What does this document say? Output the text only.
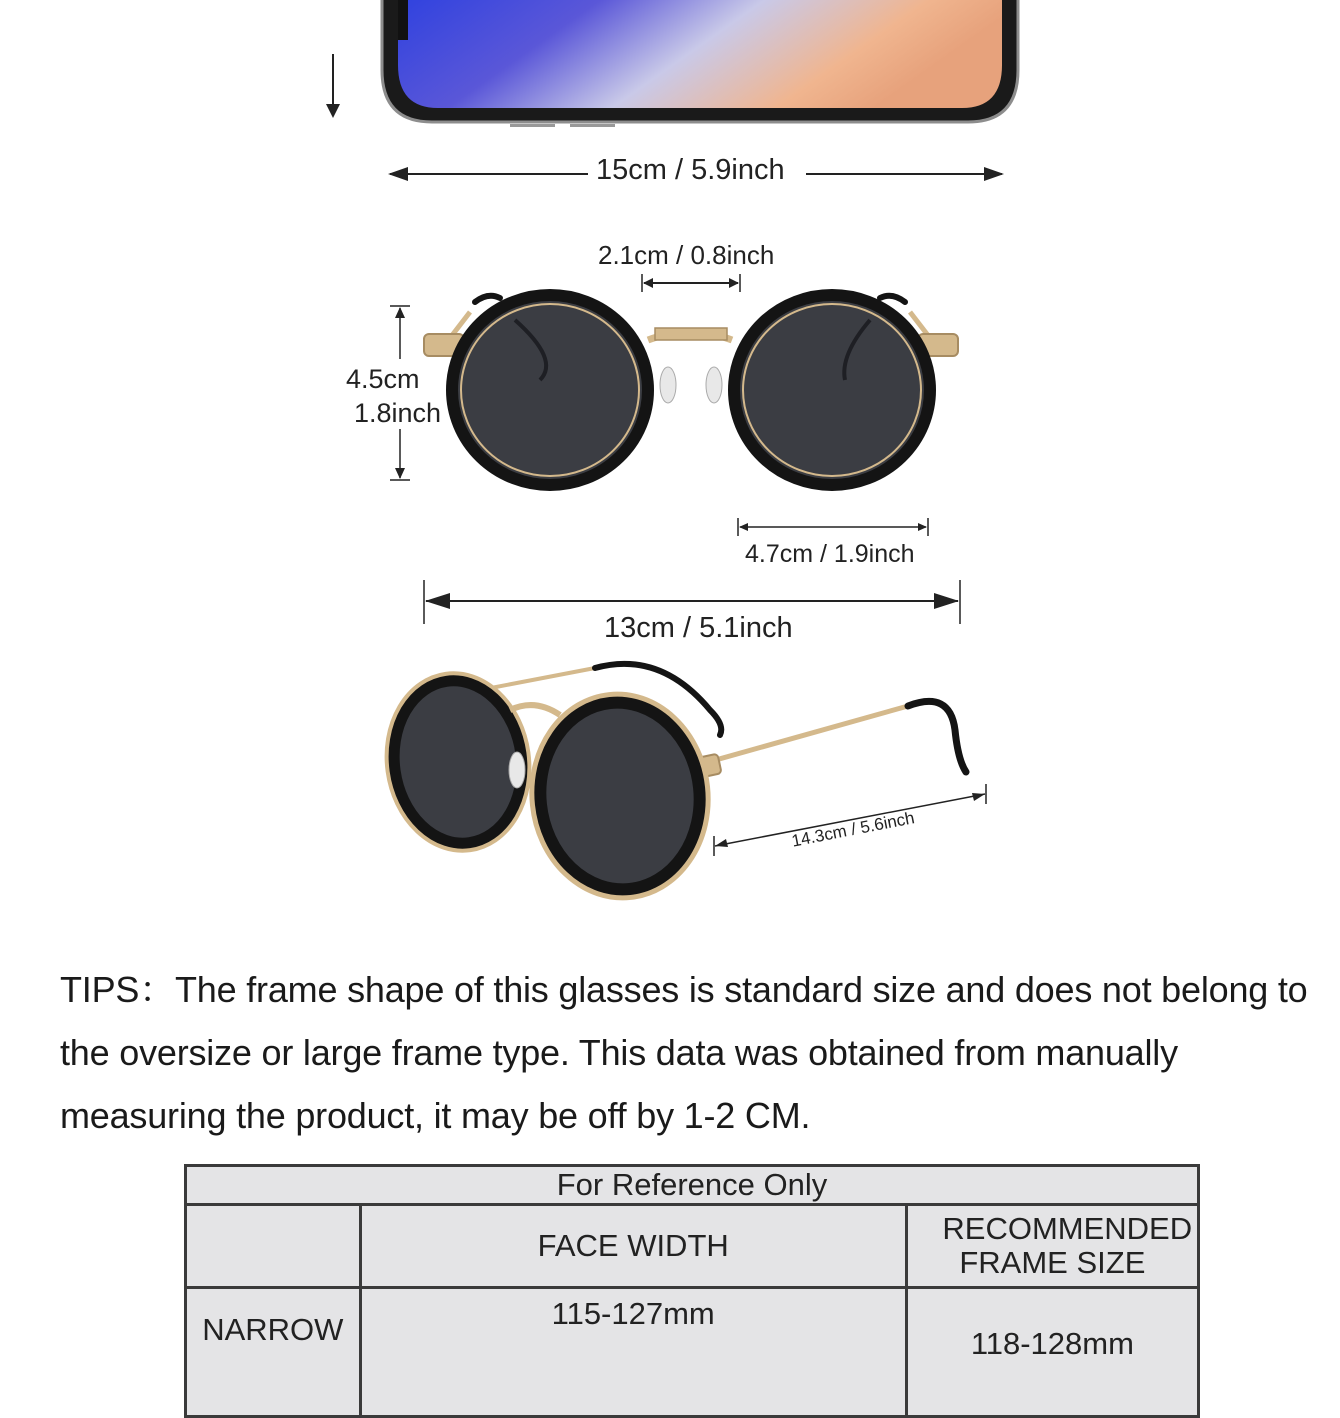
15cm / 5.9inch
2.1cm / 0.8inch
4.5cm
1.8inch
4.7cm / 1.9inch
13cm / 5.1inch
14.3cm / 5.6inch
TIPS：The frame shape of this glasses is standard size and does not belong to the oversize or large frame type. This data was obtained from manually measuring the product, it may be off by 1-2 CM.
For Reference Only		
	FACE WIDTH	RECOMMENDED FRAME SIZE

NARROW	115-127mm	118-128mm
